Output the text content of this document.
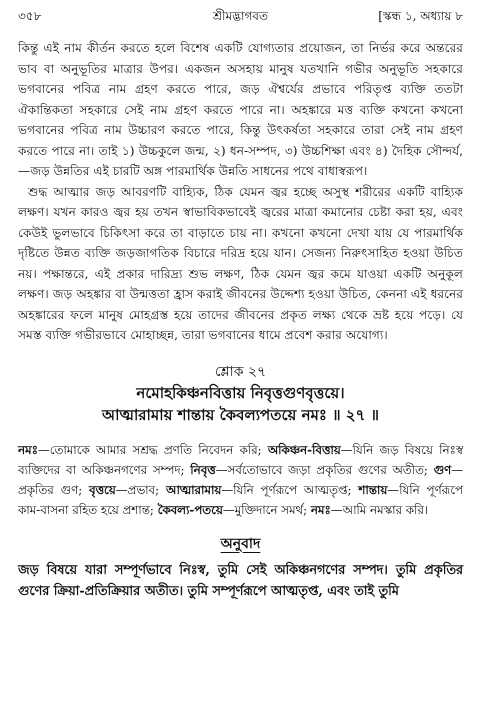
৩৫৮	শ্রীমদ্ভাগবত	[স্কন্ধ ১, অধ্যায় ৮

কিন্তু এই নাম কীর্তন করতে হলে বিশেষ একটি যোগ্যতার প্রয়োজন, তা নির্ভর করে অন্তরের ভাব বা অনুভূতির মাত্রার উপর। একজন অসহায় মানুষ যতখানি গভীর অনুভূতি সহকারে ভগবানের পবিত্র নাম গ্রহণ করতে পারে, জড় ঐশ্বর্যের প্রভাবে পরিতৃপ্ত ব্যক্তি ততটা ঐকান্তিকতা সহকারে সেই নাম গ্রহণ করতে পারে না। অহঙ্কারে মত্ত ব্যক্তি কখনো কখনো ভগবানের পবিত্র নাম উচ্চারণ করতে পারে, কিন্তু উৎকর্ষতা সহকারে তারা সেই নাম গ্রহণ করতে পারে না। তাই ১) উচ্চকুলে জন্ম, ২) ধন-সম্পদ, ৩) উচ্চশিক্ষা এবং ৪) দৈহিক সৌন্দর্য,—জড় উন্নতির এই চারটি অঙ্গ পারমার্থিক উন্নতি সাধনের পথে বাধাস্বরূপ।

শুদ্ধ আত্মার জড় আবরণটি বাহ্যিক, ঠিক যেমন জ্বর হচ্ছে অসুস্থ শরীরের একটি বাহ্যিক লক্ষণ। যখন কারও জ্বর হয় তখন স্বাভাবিকভাবেই জ্বরের মাত্রা কমানোর চেষ্টা করা হয়, এবং কেউই ভুলভাবে চিকিৎসা করে তা বাড়াতে চায় না। কখনো কখনো দেখা যায় যে পারমার্থিক দৃষ্টিতে উন্নত ব্যক্তি জড়জাগতিক বিচারে দরিদ্র হয়ে যান। সেজন্য নিরুৎসাহিত হওয়া উচিত নয়। পক্ষান্তরে, এই প্রকার দারিদ্র্য শুভ লক্ষণ, ঠিক যেমন জ্বর কমে যাওয়া একটি অনুকূল লক্ষণ। জড় অহঙ্কার বা উন্মত্ততা হ্রাস করাই জীবনের উদ্দেশ্য হওয়া উচিত, কেননা এই ধরনের অহঙ্কারের ফলে মানুষ মোহগ্রস্ত হয়ে তাদের জীবনের প্রকৃত লক্ষ্য থেকে ভ্রষ্ট হয়ে পড়ে। যে সমস্ত ব্যক্তি গভীরভাবে মোহাচ্ছন্ন, তারা ভগবানের ধামে প্রবেশ করার অযোগ্য।

শ্লোক ২৭
নমোহকিঞ্চনবিত্তায় নিবৃত্তগুণবৃত্তয়ে।
আত্মারামায় শান্তায় কৈবল্যপতয়ে নমঃ ॥ ২৭ ॥
নমঃ—তোমাকে আমার সশ্রদ্ধ প্রণতি নিবেদন করি; অকিঞ্চন-বিত্তায়—যিনি জড় বিষয়ে নিঃস্ব ব্যক্তিদের বা অকিঞ্চনগণের সম্পদ; নিবৃত্ত—সর্বতোভাবে জড়া প্রকৃতির গুণের অতীত; গুণ—প্রকৃতির গুণ; বৃত্তয়ে—প্রভাব; আত্মারামায়—যিনি পূর্ণরূপে আত্মতৃপ্ত; শান্তায়—যিনি পূর্ণরূপে কাম-বাসনা রহিত হয়ে প্রশান্ত; কৈবল্য-পতয়ে—মুক্তিদানে সমর্থ; নমঃ—আমি নমস্কার করি।
অনুবাদ
জড় বিষয়ে যারা সম্পূর্ণভাবে নিঃস্ব, তুমি সেই অকিঞ্চনগণের সম্পদ। তুমি প্রকৃতির গুণের ক্রিয়া-প্রতিক্রিয়ার অতীত। তুমি সম্পূর্ণরূপে আত্মতৃপ্ত, এবং তাই তুমি
